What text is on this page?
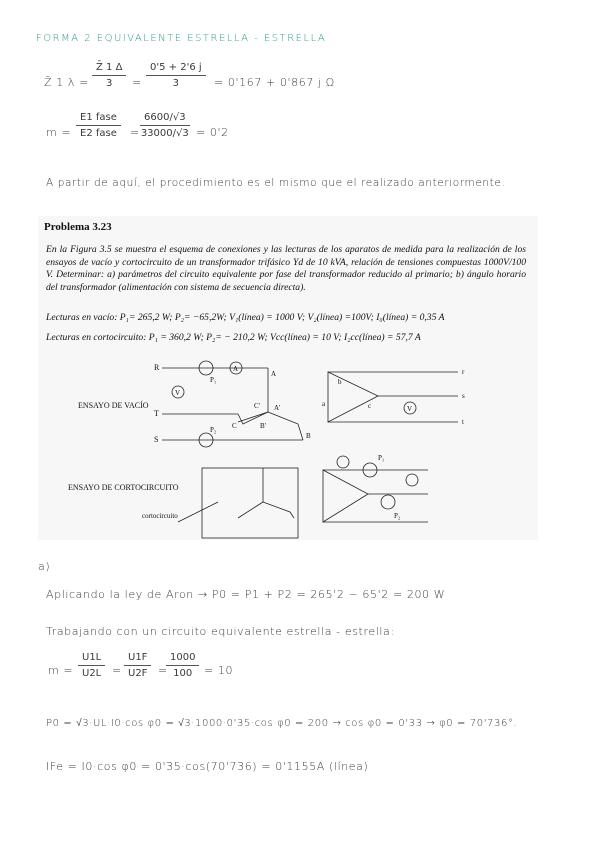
FORMA 2 EQUIVALENTE ESTRELLA - ESTRELLA
Z̄ 1 $\lambda = \frac{Z̄ 1 \Delta}{3} = \frac{0'5 + 2'6 j}{3} = 0'167 + 0'867$ j Ω
m =
E1 fase
E2 fase = $\frac{6600/√3}{33000/√3} = 0'2$
A partir de aquí, el procedimiento es el mismo que el realizado anteriormente.
Problema 3.23
En la Figura 3.5 se muestra el esquema de conexiones y las lecturas de los aparatos de medida para la realización de los ensayos de vacío y cortocircuito de un transformador trifásico Yd de 10 kVA, relación de tensiones compuestas 1000V/100 V. Determinar: a) parámetros del circuito equivalente por fase del transformador reducido al primario; b) ángulo horario del transformador (alimentación con sistema de secuencia directa).
Lecturas en vacío: P₁= 265,2 W; P₂= −65,2W; V₁(línea) = 1000 V; V₂(línea) =100V; I₀(línea) = 0,35 A
Lecturas en cortocircuito: P₁ = 360,2 W; P₂= − 210,2 W; Vcc(línea) = 10 V; I₂cc(línea) = 57,7 A
ENSAYO DE VACÍO
R
T
S
A
V
P₁
P₂
A
C' A'
B'
C
B
V
r
s
t
b
a	c
ENSAYO DE CORTOCIRCUITO
cortocircuito
P₁
P₂
a)
Aplicando la ley de Aron → P0 = P1 + P2 = 265'2 − 65'2 = 200 W
Trabajando con un circuito equivalente estrella - estrella:
$m = \frac{U1L}{U2L} = \frac{U1F}{U2F}$ =
$\frac{1000}{100} = 10$
P0 = √3·UL·I0·cos φ0 = √3·1000·0'35·cos φ0 = 200 → cos φ0 = 0'33 → φ0 = 70'736°.
IFe = I0·cos φ0 = 0'35·cos(70'736) = 0'1155A (línea)
